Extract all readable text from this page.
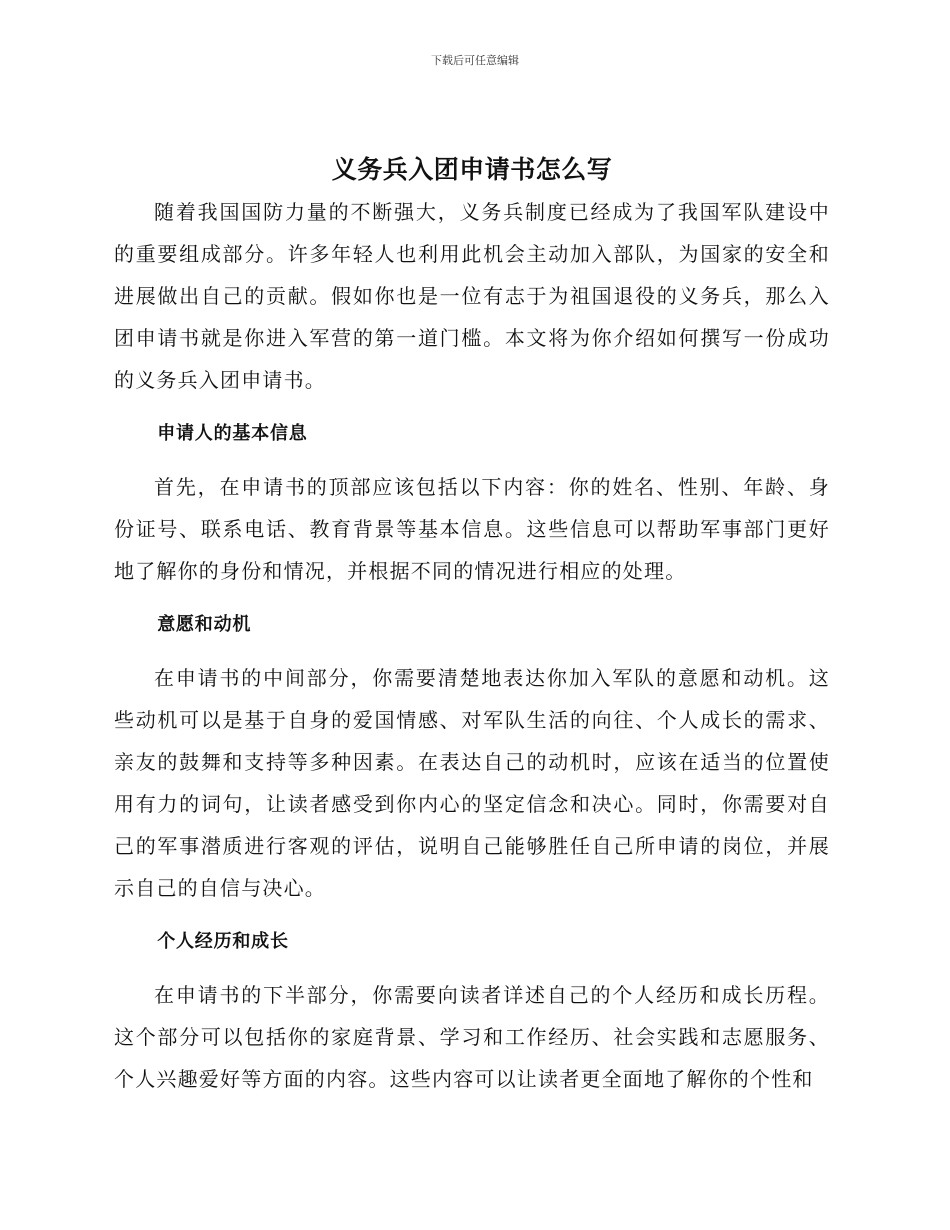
下载后可任意编辑
义务兵入团申请书怎么写

随着我国国防力量的不断强大，义务兵制度已经成为了我国军队建设中的重要组成部分。许多年轻人也利用此机会主动加入部队，为国家的安全和进展做出自己的贡献。假如你也是一位有志于为祖国退役的义务兵，那么入团申请书就是你进入军营的第一道门槛。本文将为你介绍如何撰写一份成功的义务兵入团申请书。

申请人的基本信息

首先，在申请书的顶部应该包括以下内容：你的姓名、性别、年龄、身份证号、联系电话、教育背景等基本信息。这些信息可以帮助军事部门更好地了解你的身份和情况，并根据不同的情况进行相应的处理。

意愿和动机

在申请书的中间部分，你需要清楚地表达你加入军队的意愿和动机。这些动机可以是基于自身的爱国情感、对军队生活的向往、个人成长的需求、亲友的鼓舞和支持等多种因素。在表达自己的动机时，应该在适当的位置使用有力的词句，让读者感受到你内心的坚定信念和决心。同时，你需要对自己的军事潜质进行客观的评估，说明自己能够胜任自己所申请的岗位，并展示自己的自信与决心。

个人经历和成长

在申请书的下半部分，你需要向读者详述自己的个人经历和成长历程。这个部分可以包括你的家庭背景、学习和工作经历、社会实践和志愿服务、个人兴趣爱好等方面的内容。这些内容可以让读者更全面地了解你的个性和
